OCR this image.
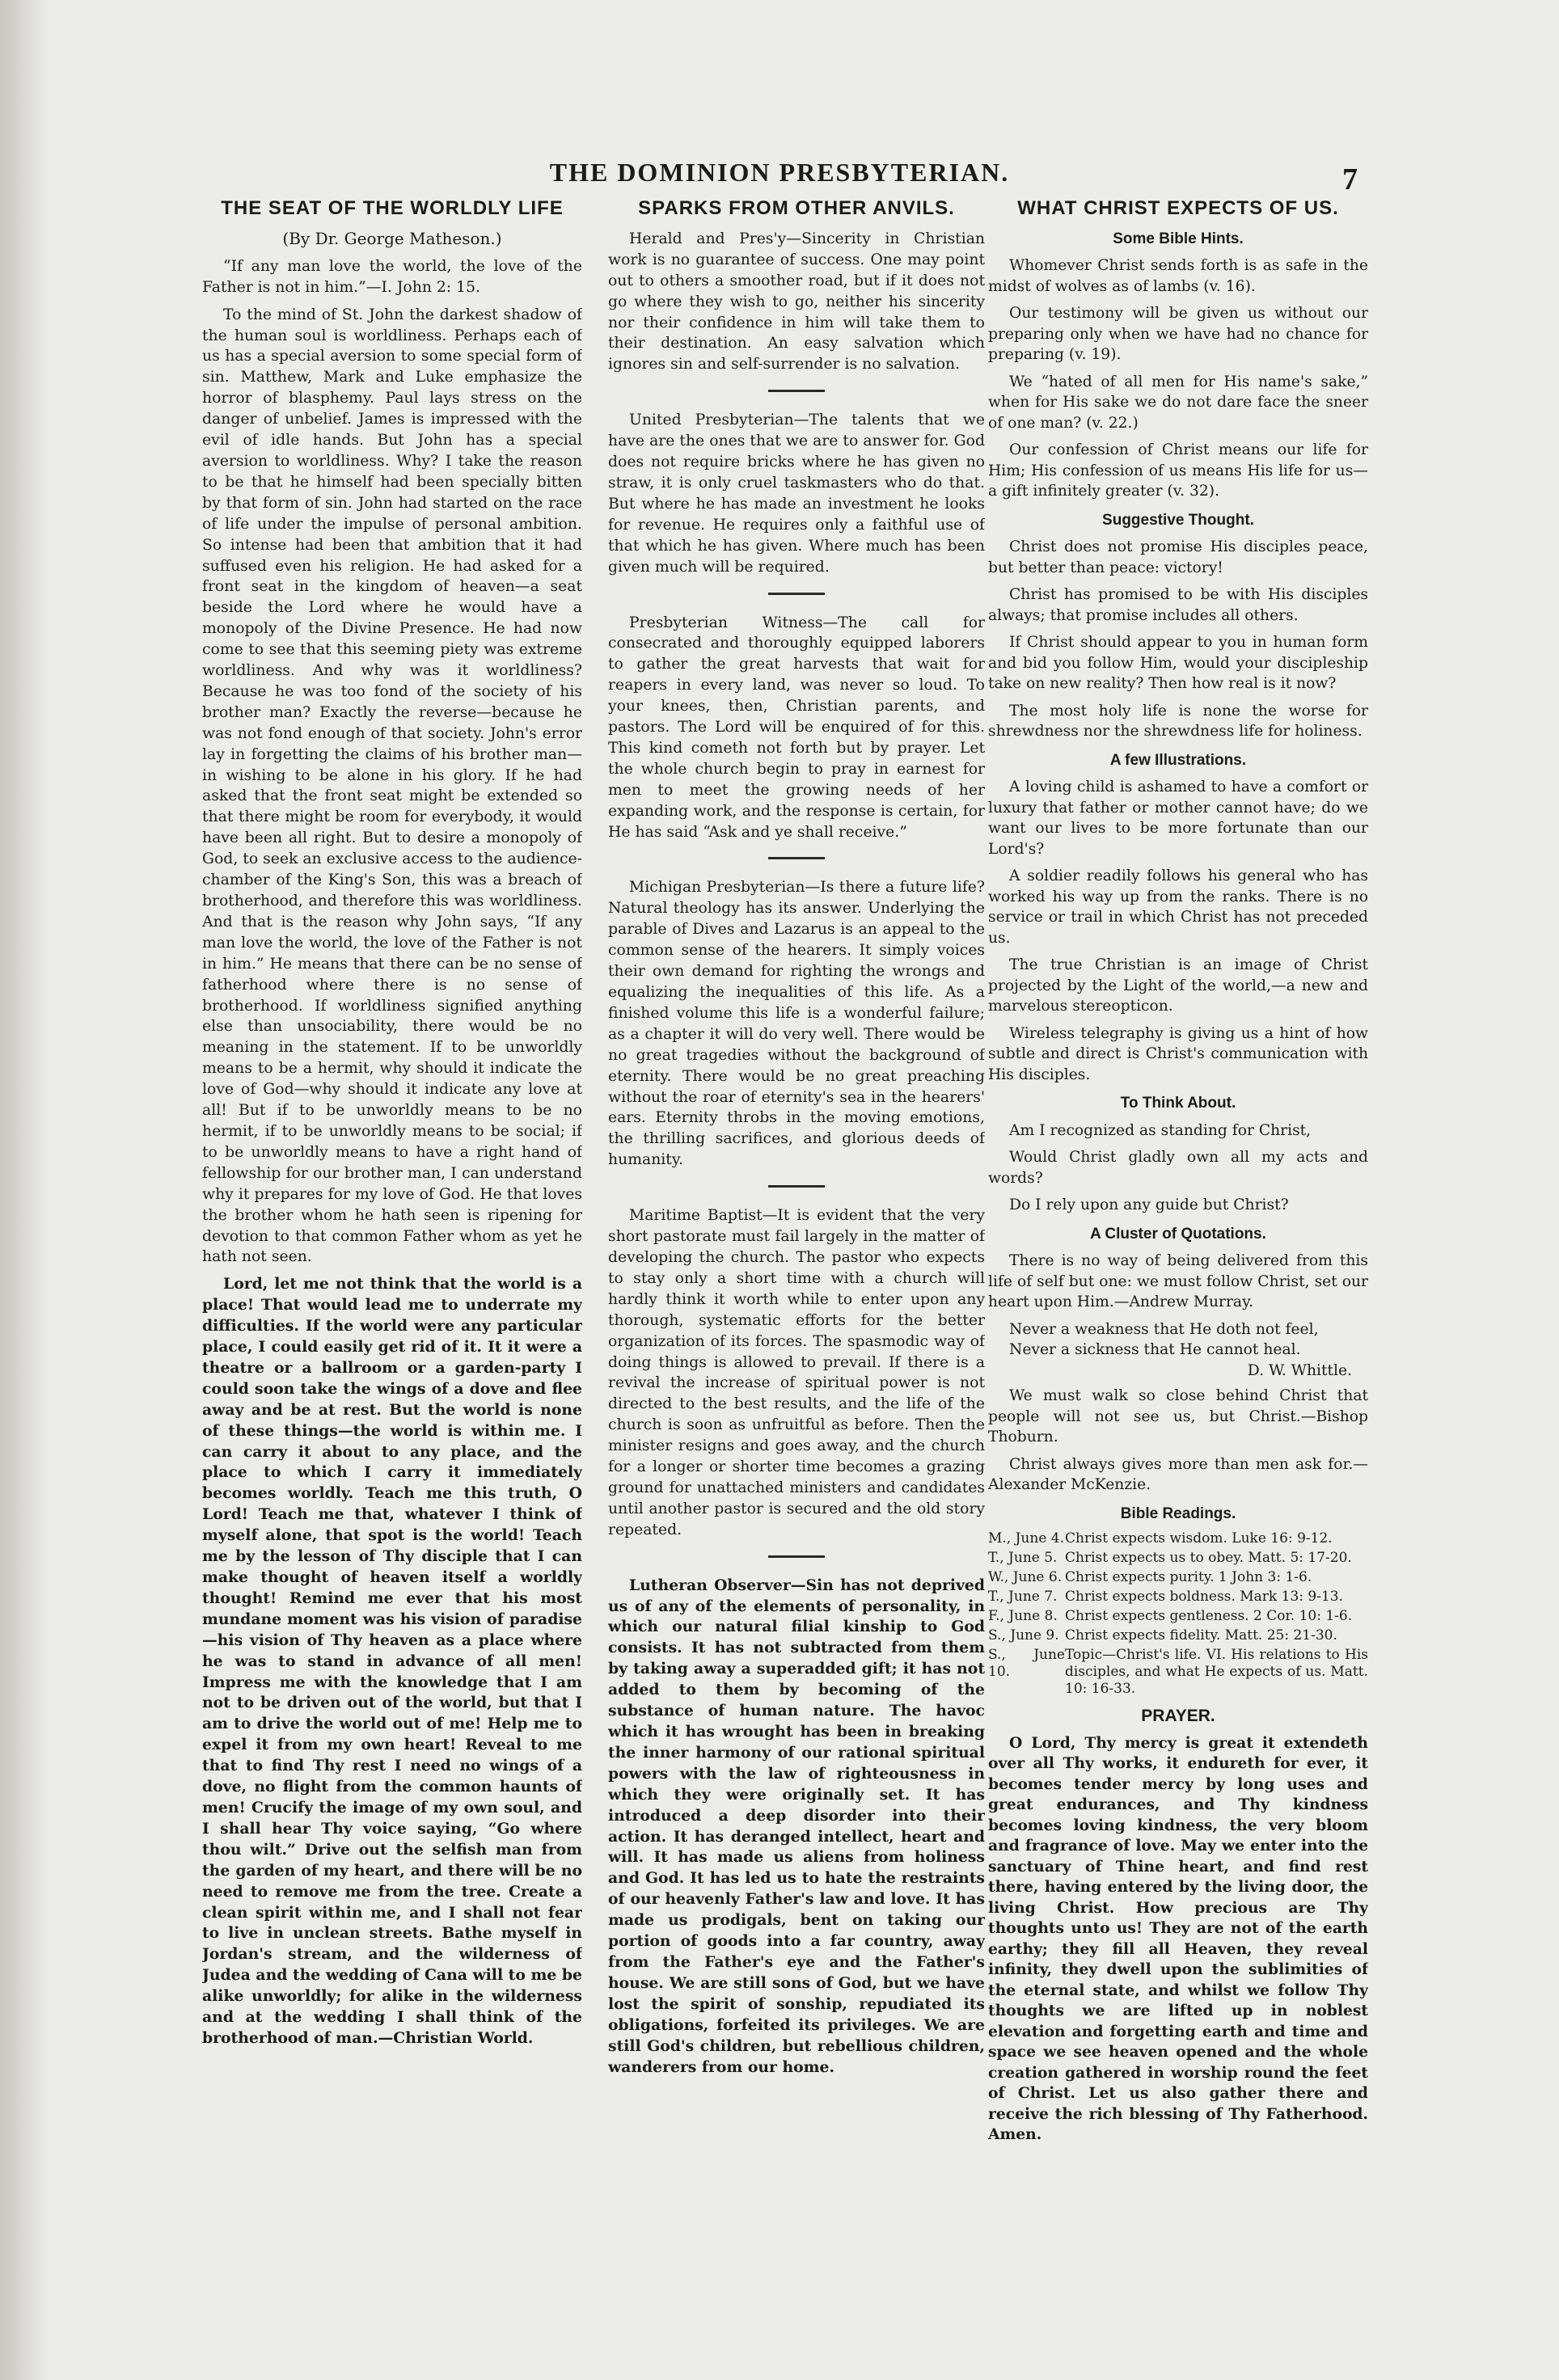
THE DOMINION PRESBYTERIAN.	7
THE SEAT OF THE WORLDLY LIFE
(By Dr. George Matheson.)

“If any man love the world, the love of the Father is not in him.”—I. John 2: 15.

To the mind of St. John the darkest shadow of the human soul is worldliness. Perhaps each of us has a special aversion to some special form of sin. Matthew, Mark and Luke emphasize the horror of blasphemy. Paul lays stress on the danger of unbelief. James is impressed with the evil of idle hands. But John has a special aversion to worldliness. Why? I take the reason to be that he himself had been specially bitten by that form of sin. John had started on the race of life under the impulse of personal ambition. So intense had been that ambition that it had suffused even his religion. He had asked for a front seat in the kingdom of heaven—a seat beside the Lord where he would have a monopoly of the Divine Presence. He had now come to see that this seeming piety was extreme worldliness. And why was it worldliness? Because he was too fond of the society of his brother man? Exactly the reverse—because he was not fond enough of that society. John's error lay in forgetting the claims of his brother man—in wishing to be alone in his glory. If he had asked that the front seat might be extended so that there might be room for everybody, it would have been all right. But to desire a monopoly of God, to seek an exclusive access to the audience-chamber of the King's Son, this was a breach of brotherhood, and therefore this was worldliness. And that is the reason why John says, “If any man love the world, the love of the Father is not in him.” He means that there can be no sense of fatherhood where there is no sense of brotherhood. If worldliness signified anything else than unsociability, there would be no meaning in the statement. If to be unworldly means to be a hermit, why should it indicate the love of God—why should it indicate any love at all! But if to be unworldly means to be no hermit, if to be unworldly means to be social; if to be unworldly means to have a right hand of fellowship for our brother man, I can understand why it prepares for my love of God. He that loves the brother whom he hath seen is ripening for devotion to that common Father whom as yet he hath not seen.

Lord, let me not think that the world is a place! That would lead me to underrate my difficulties. If the world were any particular place, I could easily get rid of it. It it were a theatre or a ballroom or a garden-party I could soon take the wings of a dove and flee away and be at rest. But the world is none of these things—the world is within me. I can carry it about to any place, and the place to which I carry it immediately becomes worldly. Teach me this truth, O Lord! Teach me that, whatever I think of myself alone, that spot is the world! Teach me by the lesson of Thy disciple that I can make thought of heaven itself a worldly thought! Remind me ever that his most mundane moment was his vision of paradise—his vision of Thy heaven as a place where he was to stand in advance of all men! Impress me with the knowledge that I am not to be driven out of the world, but that I am to drive the world out of me! Help me to expel it from my own heart! Reveal to me that to find Thy rest I need no wings of a dove, no flight from the common haunts of men! Crucify the image of my own soul, and I shall hear Thy voice saying, “Go where thou wilt.” Drive out the selfish man from the garden of my heart, and there will be no need to remove me from the tree. Create a clean spirit within me, and I shall not fear to live in unclean streets. Bathe myself in Jordan's stream, and the wilderness of Judea and the wedding of Cana will to me be alike unworldly; for alike in the wilderness and at the wedding I shall think of the brotherhood of man.—Christian World.

SPARKS FROM OTHER ANVILS.

Herald and Pres'y—Sincerity in Christian work is no guarantee of success. One may point out to others a smoother road, but if it does not go where they wish to go, neither his sincerity nor their confidence in him will take them to their destination. An easy salvation which ignores sin and self-surrender is no salvation.

United Presbyterian—The talents that we have are the ones that we are to answer for. God does not require bricks where he has given no straw, it is only cruel taskmasters who do that. But where he has made an investment he looks for revenue. He requires only a faithful use of that which he has given. Where much has been given much will be required.

Presbyterian Witness—The call for consecrated and thoroughly equipped laborers to gather the great harvests that wait for reapers in every land, was never so loud. To your knees, then, Christian parents, and pastors. The Lord will be enquired of for this. This kind cometh not forth but by prayer. Let the whole church begin to pray in earnest for men to meet the growing needs of her expanding work, and the response is certain, for He has said “Ask and ye shall receive.”

Michigan Presbyterian—Is there a future life? Natural theology has its answer. Underlying the parable of Dives and Lazarus is an appeal to the common sense of the hearers. It simply voices their own demand for righting the wrongs and equalizing the inequalities of this life. As a finished volume this life is a wonderful failure; as a chapter it will do very well. There would be no great tragedies without the background of eternity. There would be no great preaching without the roar of eternity's sea in the hearers' ears. Eternity throbs in the moving emotions, the thrilling sacrifices, and glorious deeds of humanity.

Maritime Baptist—It is evident that the very short pastorate must fail largely in the matter of developing the church. The pastor who expects to stay only a short time with a church will hardly think it worth while to enter upon any thorough, systematic efforts for the better organization of its forces. The spasmodic way of doing things is allowed to prevail. If there is a revival the increase of spiritual power is not directed to the best results, and the life of the church is soon as unfruitful as before. Then the minister resigns and goes away, and the church for a longer or shorter time becomes a grazing ground for unattached ministers and candidates until another pastor is secured and the old story repeated.

Lutheran Observer—Sin has not deprived us of any of the elements of personality, in which our natural filial kinship to God consists. It has not subtracted from them by taking away a superadded gift; it has not added to them by becoming of the substance of human nature. The havoc which it has wrought has been in breaking the inner harmony of our rational spiritual powers with the law of righteousness in which they were originally set. It has introduced a deep disorder into their action. It has deranged intellect, heart and will. It has made us aliens from holiness and God. It has led us to hate the restraints of our heavenly Father's law and love. It has made us prodigals, bent on taking our portion of goods into a far country, away from the Father's eye and the Father's house. We are still sons of God, but we have lost the spirit of sonship, repudiated its obligations, forfeited its privileges. We are still God's children, but rebellious children, wanderers from our home.

WHAT CHRIST EXPECTS OF US.
Some Bible Hints.

Whomever Christ sends forth is as safe in the midst of wolves as of lambs (v. 16).

Our testimony will be given us without our preparing only when we have had no chance for preparing (v. 19).

We “hated of all men for His name's sake,” when for His sake we do not dare face the sneer of one man? (v. 22.)

Our confession of Christ means our life for Him; His confession of us means His life for us—a gift infinitely greater (v. 32).

Suggestive Thought.

Christ does not promise His disciples peace, but better than peace: victory!

Christ has promised to be with His disciples always; that promise includes all others.

If Christ should appear to you in human form and bid you follow Him, would your discipleship take on new reality? Then how real is it now?

The most holy life is none the worse for shrewdness nor the shrewdness life for holiness.

A few Illustrations.

A loving child is ashamed to have a comfort or luxury that father or mother cannot have; do we want our lives to be more fortunate than our Lord's?

A soldier readily follows his general who has worked his way up from the ranks. There is no service or trail in which Christ has not preceded us.

The true Christian is an image of Christ projected by the Light of the world,—a new and marvelous stereopticon.

Wireless telegraphy is giving us a hint of how subtle and direct is Christ's communication with His disciples.

To Think About.

Am I recognized as standing for Christ,

Would Christ gladly own all my acts and words?

Do I rely upon any guide but Christ?

A Cluster of Quotations.

There is no way of being delivered from this life of self but one: we must follow Christ, set our heart upon Him.—Andrew Murray.

Never a weakness that He doth not feel,

Never a sickness that He cannot heal.

D. W. Whittle.

We must walk so close behind Christ that people will not see us, but Christ.—Bishop Thoburn.

Christ always gives more than men ask for.—Alexander McKenzie.

Bible Readings.
M., June 4. Christ expects wisdom. Luke 16: 9-12.
T., June 5. Christ expects us to obey. Matt. 5: 17-20.
W., June 6. Christ expects purity. 1 John 3: 1-6.
T., June 7. Christ expects boldness. Mark 13: 9-13.
F., June 8. Christ expects gentleness. 2 Cor. 10: 1-6.
S., June 9. Christ expects fidelity. Matt. 25: 21-30.
S., June 10.
Topic—Christ's life. VI. His relations to His disciples, and what He expects of us. Matt. 10: 16-33.
PRAYER.

O Lord, Thy mercy is great it extendeth over all Thy works, it endureth for ever, it becomes tender mercy by long uses and great endurances, and Thy kindness becomes loving kindness, the very bloom and fragrance of love. May we enter into the sanctuary of Thine heart, and find rest there, having entered by the living door, the living Christ. How precious are Thy thoughts unto us! They are not of the earth earthy; they fill all Heaven, they reveal infinity, they dwell upon the sublimities of the eternal state, and whilst we follow Thy thoughts we are lifted up in noblest elevation and forgetting earth and time and space we see heaven opened and the whole creation gathered in worship round the feet of Christ. Let us also gather there and receive the rich blessing of Thy Fatherhood. Amen.
